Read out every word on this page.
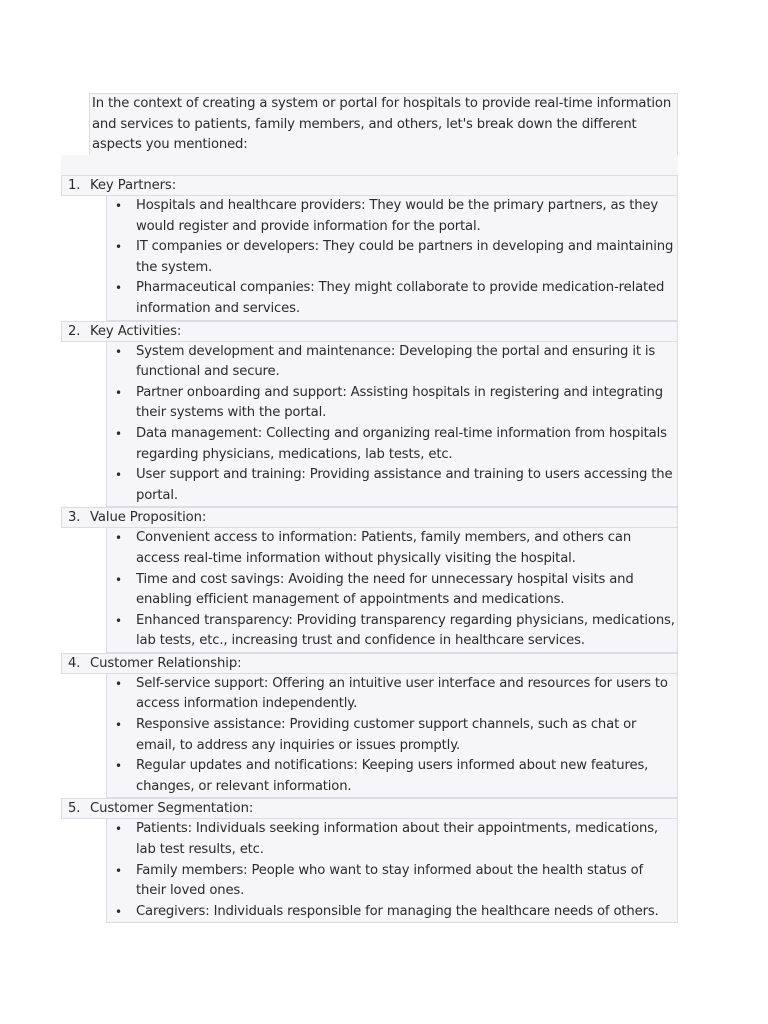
In the context of creating a system or portal for hospitals to provide real-time information and services to patients, family members, and others, let's break down the different aspects you mentioned:
1. Key Partners:
• Hospitals and healthcare providers: They would be the primary partners, as they would register and provide information for the portal.
• IT companies or developers: They could be partners in developing and maintaining the system.
• Pharmaceutical companies: They might collaborate to provide medication-related information and services.
2. Key Activities:
• System development and maintenance: Developing the portal and ensuring it is functional and secure.
• Partner onboarding and support: Assisting hospitals in registering and integrating their systems with the portal.
• Data management: Collecting and organizing real-time information from hospitals regarding physicians, medications, lab tests, etc.
• User support and training: Providing assistance and training to users accessing the portal.
3. Value Proposition:
• Convenient access to information: Patients, family members, and others can access real-time information without physically visiting the hospital.
• Time and cost savings: Avoiding the need for unnecessary hospital visits and enabling efficient management of appointments and medications.
• Enhanced transparency: Providing transparency regarding physicians, medications, lab tests, etc., increasing trust and confidence in healthcare services.
4. Customer Relationship:
• Self-service support: Offering an intuitive user interface and resources for users to access information independently.
• Responsive assistance: Providing customer support channels, such as chat or email, to address any inquiries or issues promptly.
• Regular updates and notifications: Keeping users informed about new features, changes, or relevant information.
5. Customer Segmentation:
• Patients: Individuals seeking information about their appointments, medications, lab test results, etc.
• Family members: People who want to stay informed about the health status of their loved ones.
• Caregivers: Individuals responsible for managing the healthcare needs of others.
